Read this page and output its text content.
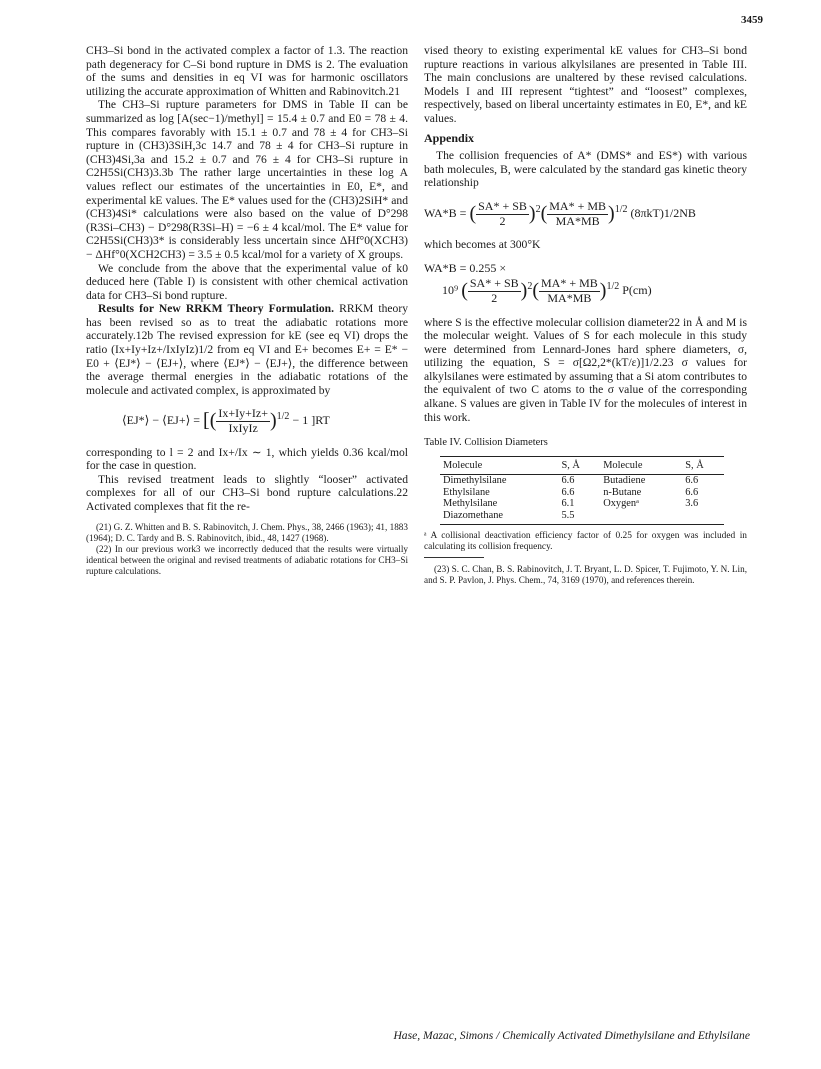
3459

CH3–Si bond in the activated complex a factor of 1.3. The reaction path degeneracy for C–Si bond rupture in DMS is 2. The evaluation of the sums and densities in eq VI was for harmonic oscillators utilizing the accurate approximation of Whitten and Rabinovitch.21

The CH3–Si rupture parameters for DMS in Table II can be summarized as log [A(sec−1)/methyl] = 15.4 ± 0.7 and E0 = 78 ± 4. This compares favorably with 15.1 ± 0.7 and 78 ± 4 for CH3–Si rupture in (CH3)3SiH,3c 14.7 and 78 ± 4 for CH3–Si rupture in (CH3)4Si,3a and 15.2 ± 0.7 and 76 ± 4 for CH3–Si rupture in C2H5Si(CH3)3.3b The rather large uncertainties in these log A values reflect our estimates of the uncertainties in E0, E*, and experimental kE values. The E* values used for the (CH3)2SiH* and (CH3)4Si* calculations were also based on the value of D°298 (R3Si–CH3) − D°298(R3Si–H) = −6 ± 4 kcal/mol. The E* value for C2H5Si(CH3)3* is considerably less uncertain since ΔHf°0(XCH3) − ΔHf°0(XCH2CH3) = 3.5 ± 0.5 kcal/mol for a variety of X groups.

We conclude from the above that the experimental value of k0 deduced here (Table I) is consistent with other chemical activation data for CH3–Si bond rupture.

Results for New RRKM Theory Formulation. RRKM theory has been revised so as to treat the adiabatic rotations more accurately.12b The revised expression for kE (see eq VI) drops the ratio (Ix+Iy+Iz+/IxIyIz)1/2 from eq VI and E+ becomes E+ = E* − E0 + ⟨EJ*⟩ − ⟨EJ+⟩, where ⟨EJ*⟩ − ⟨EJ+⟩, the difference between the average thermal energies in the adiabatic rotations of the molecule and activated complex, is approximated by

⟨EJ*⟩ − ⟨EJ+⟩ = [( $\frac{Ix+Iy+Iz+}{\text{IxIyIz}} )^{1/2} - 1$ ]RT

corresponding to l = 2 and Ix+/Ix ∼ 1, which yields 0.36 kcal/mol for the case in question.

This revised treatment leads to slightly “looser” activated complexes for all of our CH3–Si bond rupture calculations.22 Activated complexes that fit the re-

(21) G. Z. Whitten and B. S. Rabinovitch, J. Chem. Phys., 38, 2466 (1963); 41, 1883 (1964); D. C. Tardy and B. S. Rabinovitch, ibid., 48, 1427 (1968).

(22) In our previous work3 we incorrectly deduced that the results were virtually identical between the original and revised treatments of adiabatic rotations for CH3–Si rupture calculations.

vised theory to existing experimental kE values for CH3–Si bond rupture reactions in various alkylsilanes are presented in Table III. The main conclusions are unaltered by these revised calculations. Models I and III represent “tightest” and “loosest” complexes, respectively, based on liberal uncertainty estimates in E0, E*, and kE values.

Appendix

The collision frequencies of A* (DMS* and ES*) with various bath molecules, B, were calculated by the standard gas kinetic theory relationship

WA*B = ( $\frac{SA* + SB}{2} )^2( \frac{MA* + MB}{MA*MB} )^{1/2}$ (8πkT)1/2NB

which becomes at 300°K

WA*B = 0.255 ×
10⁹ ( $\frac{SA* + SB}{2} )^2( \frac{MA* + MB}{MA*MB} )^{1/2}$ P(cm)

where S is the effective molecular collision diameter22 in Å and M is the molecular weight. Values of S for each molecule in this study were determined from Lennard-Jones hard sphere diameters, σ, utilizing the equation, S = σ[Ω2,2*(kT/ε)]1/2.23 σ values for alkylsilanes were estimated by assuming that a Si atom contributes to the equivalent of two C atoms to the σ value of the corresponding alkane. S values are given in Table IV for the molecules of interest in this work.

Table IV. Collision Diameters
Molecule	S, Å	Molecule	S, Å
Dimethylsilane	6.6	Butadiene	6.6
Ethylsilane	6.6	n-Butane	6.6
Methylsilane	6.1	Oxygenᵃ	3.6
Diazomethane	5.5		
ᵃ A collisional deactivation efficiency factor of 0.25 for oxygen was included in calculating its collision frequency.

(23) S. C. Chan, B. S. Rabinovitch, J. T. Bryant, L. D. Spicer, T. Fujimoto, Y. N. Lin, and S. P. Pavlon, J. Phys. Chem., 74, 3169 (1970), and references therein.

Hase, Mazac, Simons / Chemically Activated Dimethylsilane and Ethylsilane
